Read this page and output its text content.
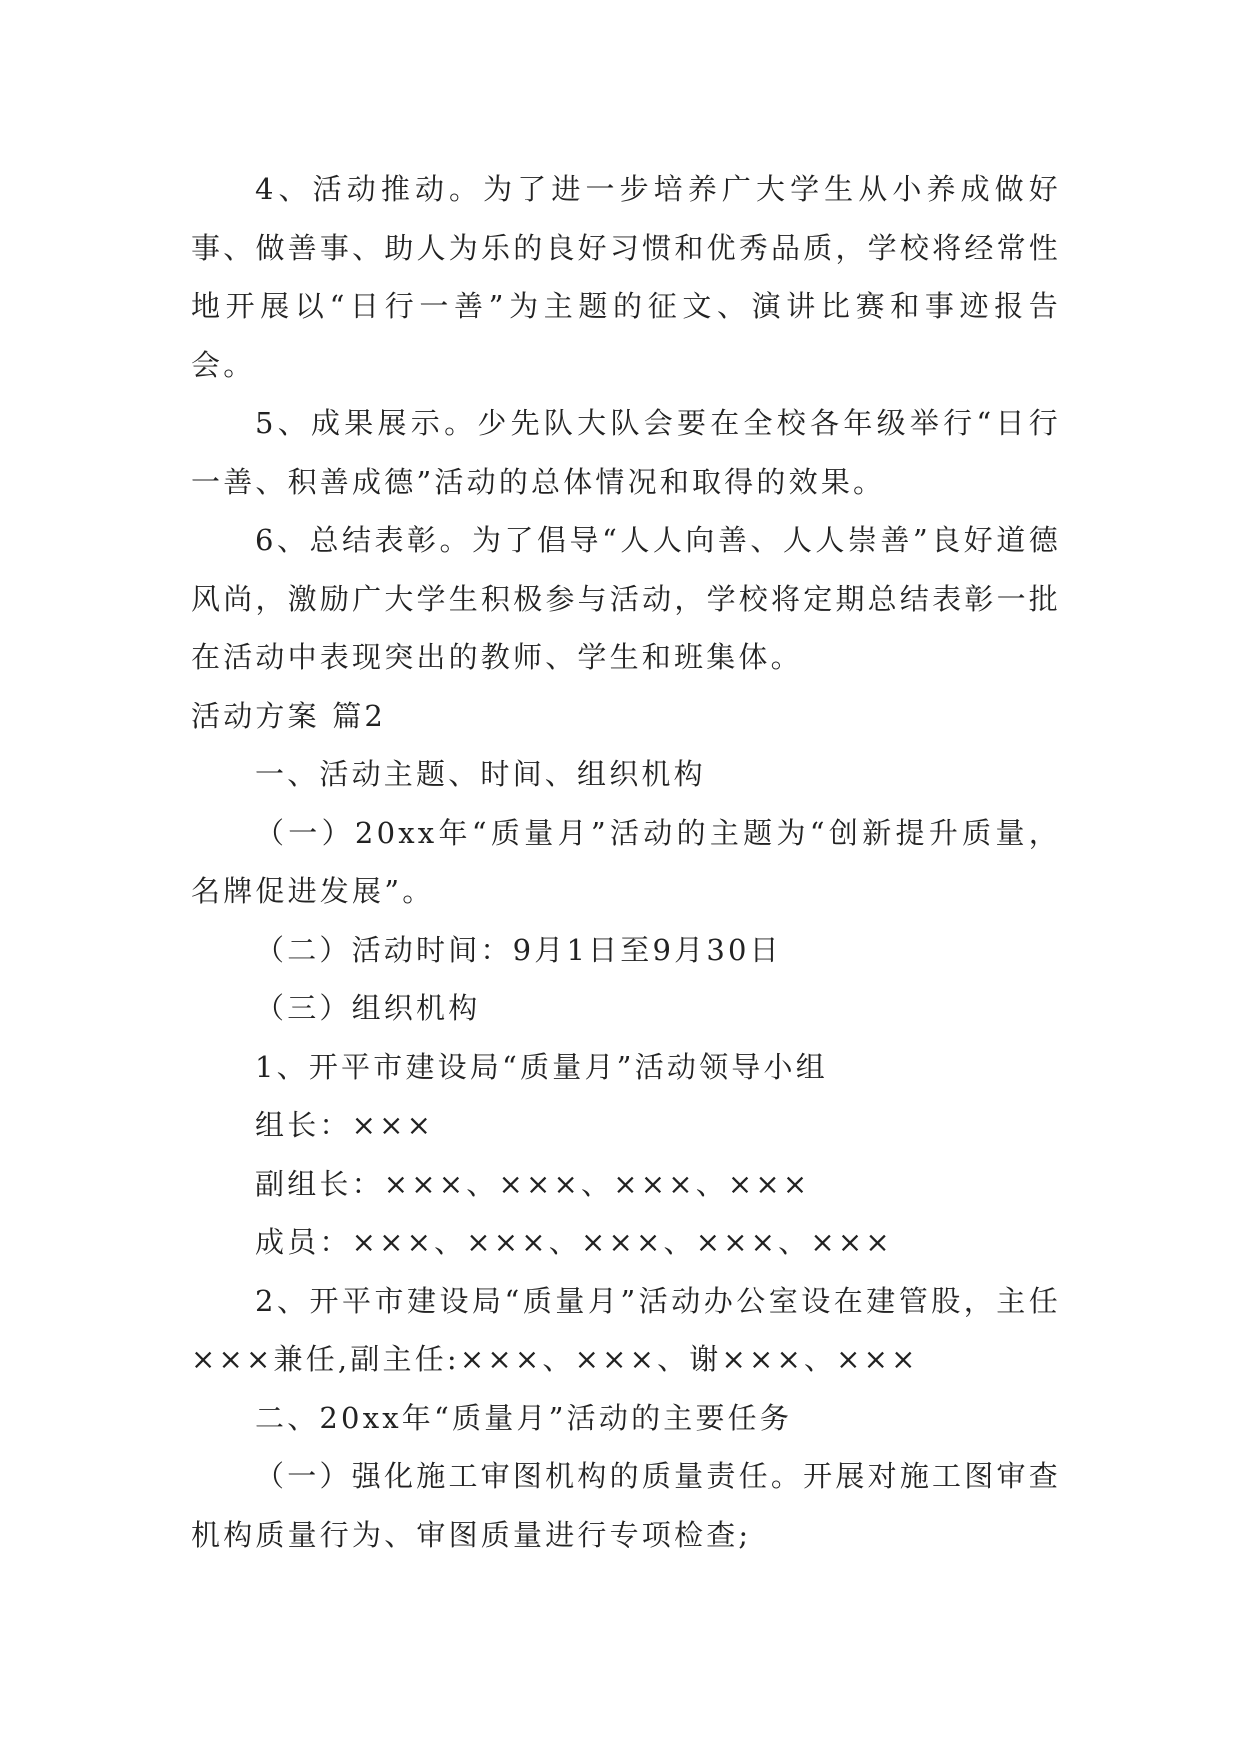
4、活动推动。为了进一步培养广大学生从小养成做好事、做善事、助人为乐的良好习惯和优秀品质，学校将经常性地开展以“日行一善”为主题的征文、演讲比赛和事迹报告会。

5、成果展示。少先队大队会要在全校各年级举行“日行一善、积善成德”活动的总体情况和取得的效果。

6、总结表彰。为了倡导“人人向善、人人崇善”良好道德风尚，激励广大学生积极参与活动，学校将定期总结表彰一批在活动中表现突出的教师、学生和班集体。

活动方案 篇2

一、活动主题、时间、组织机构

（一）20xx年“质量月”活动的主题为“创新提升质量，名牌促进发展”。

（二）活动时间：9月1日至9月30日

（三）组织机构

1、开平市建设局“质量月”活动领导小组

组长：×××

副组长：×××、×××、×××、×××

成员：×××、×××、×××、×××、×××

2、开平市建设局“质量月”活动办公室设在建管股，主任×××兼任,副主任:×××、×××、谢×××、×××

二、20xx年“质量月”活动的主要任务

（一）强化施工审图机构的质量责任。开展对施工图审查机构质量行为、审图质量进行专项检查;
